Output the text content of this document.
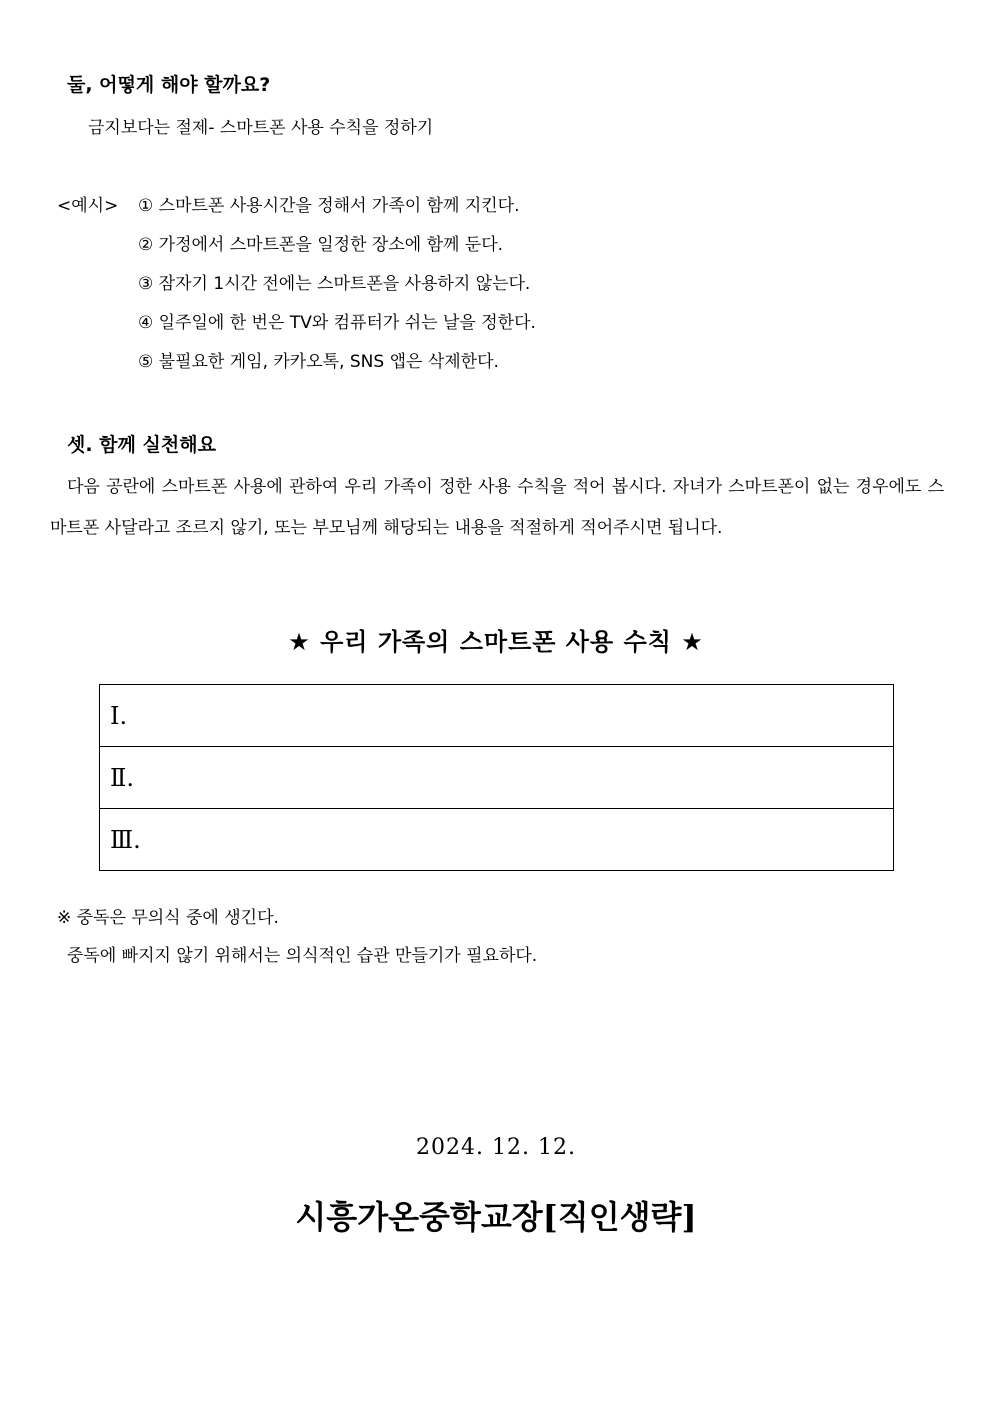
둘, 어떻게 해야 할까요?
금지보다는 절제- 스마트폰 사용 수칙을 정하기
<예시> ① 스마트폰 사용시간을 정해서 가족이 함께 지킨다.
② 가정에서 스마트폰을 일정한 장소에 함께 둔다.
③ 잠자기 1시간 전에는 스마트폰을 사용하지 않는다.
④ 일주일에 한 번은 TV와 컴퓨터가 쉬는 날을 정한다.
⑤ 불필요한 게임, 카카오톡, SNS 앱은 삭제한다.
셋. 함께 실천해요

다음 공란에 스마트폰 사용에 관하여 우리 가족이 정한 사용 수칙을 적어 봅시다. 자녀가 스마트폰이 없는 경우에도 스마트폰 사달라고 조르지 않기, 또는 부모님께 해당되는 내용을 적절하게 적어주시면 됩니다.

★ 우리 가족의 스마트폰 사용 수칙 ★
Ⅰ.
Ⅱ.
Ⅲ.
※ 중독은 무의식 중에 생긴다.
중독에 빠지지 않기 위해서는 의식적인 습관 만들기가 필요하다.
2024. 12. 12.
시흥가온중학교장[직인생략]
